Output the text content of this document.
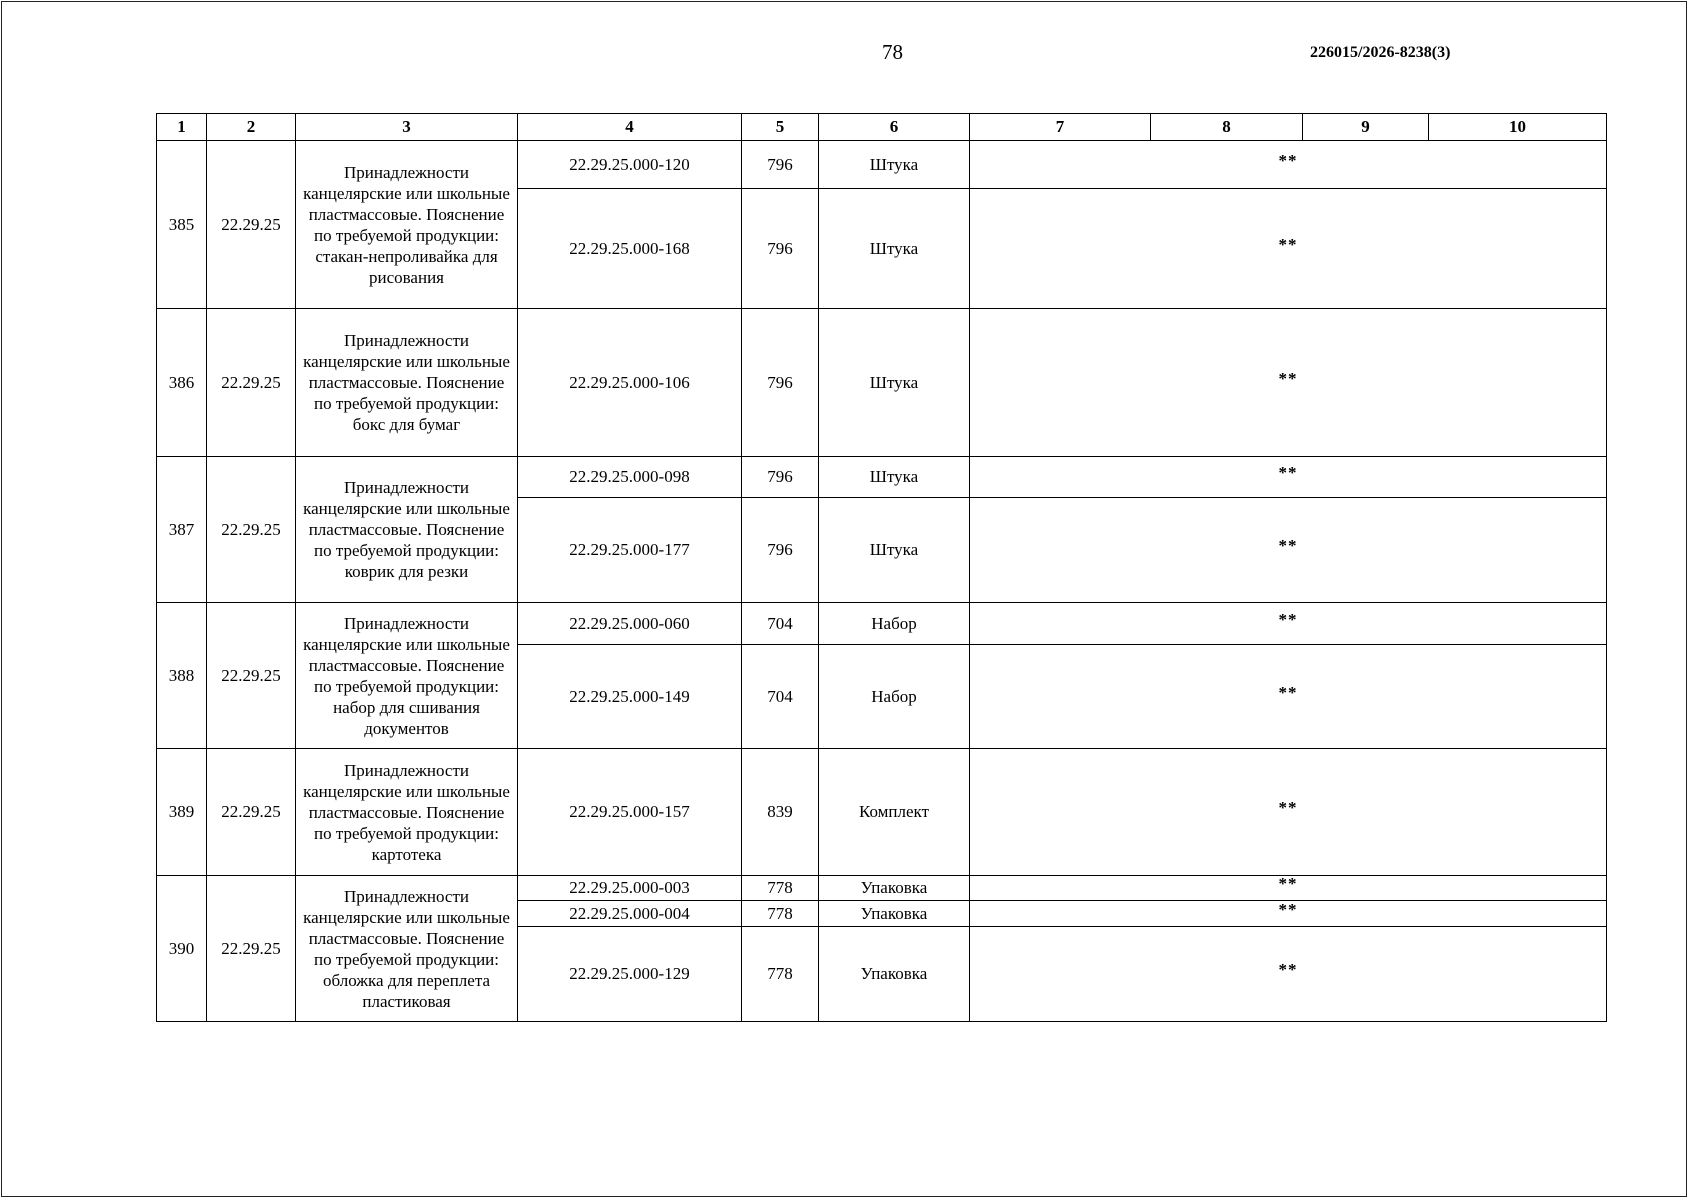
78	226015/2026-8238(3)
1	2	3	4	5	6	7	8	9	10
385	22.29.25	Принадлежности канцелярские или школьные пластмассовые. Пояснение по требуемой продукции: стакан-непроливайка для рисования	22.29.25.000-120	796	Штука	**			
			22.29.25.000-168	796	Штука	**			
386	22.29.25	Принадлежности канцелярские или школьные пластмассовые. Пояснение по требуемой продукции: бокс для бумаг	22.29.25.000-106	796	Штука	**			
387	22.29.25	Принадлежности канцелярские или школьные пластмассовые. Пояснение по требуемой продукции: коврик для резки	22.29.25.000-098	796	Штука	**			
			22.29.25.000-177	796	Штука	**			
388	22.29.25	Принадлежности канцелярские или школьные пластмассовые. Пояснение по требуемой продукции: набор для сшивания документов	22.29.25.000-060	704	Набор	**			
			22.29.25.000-149	704	Набор	**			
389	22.29.25	Принадлежности канцелярские или школьные пластмассовые. Пояснение по требуемой продукции: картотека	22.29.25.000-157	839	Комплект	**			
390	22.29.25	Принадлежности канцелярские или школьные пластмассовые. Пояснение по требуемой продукции: обложка для переплета пластиковая	22.29.25.000-003	778	Упаковка	**			
			22.29.25.000-004	778	Упаковка	**			
			22.29.25.000-129	778	Упаковка	**			
